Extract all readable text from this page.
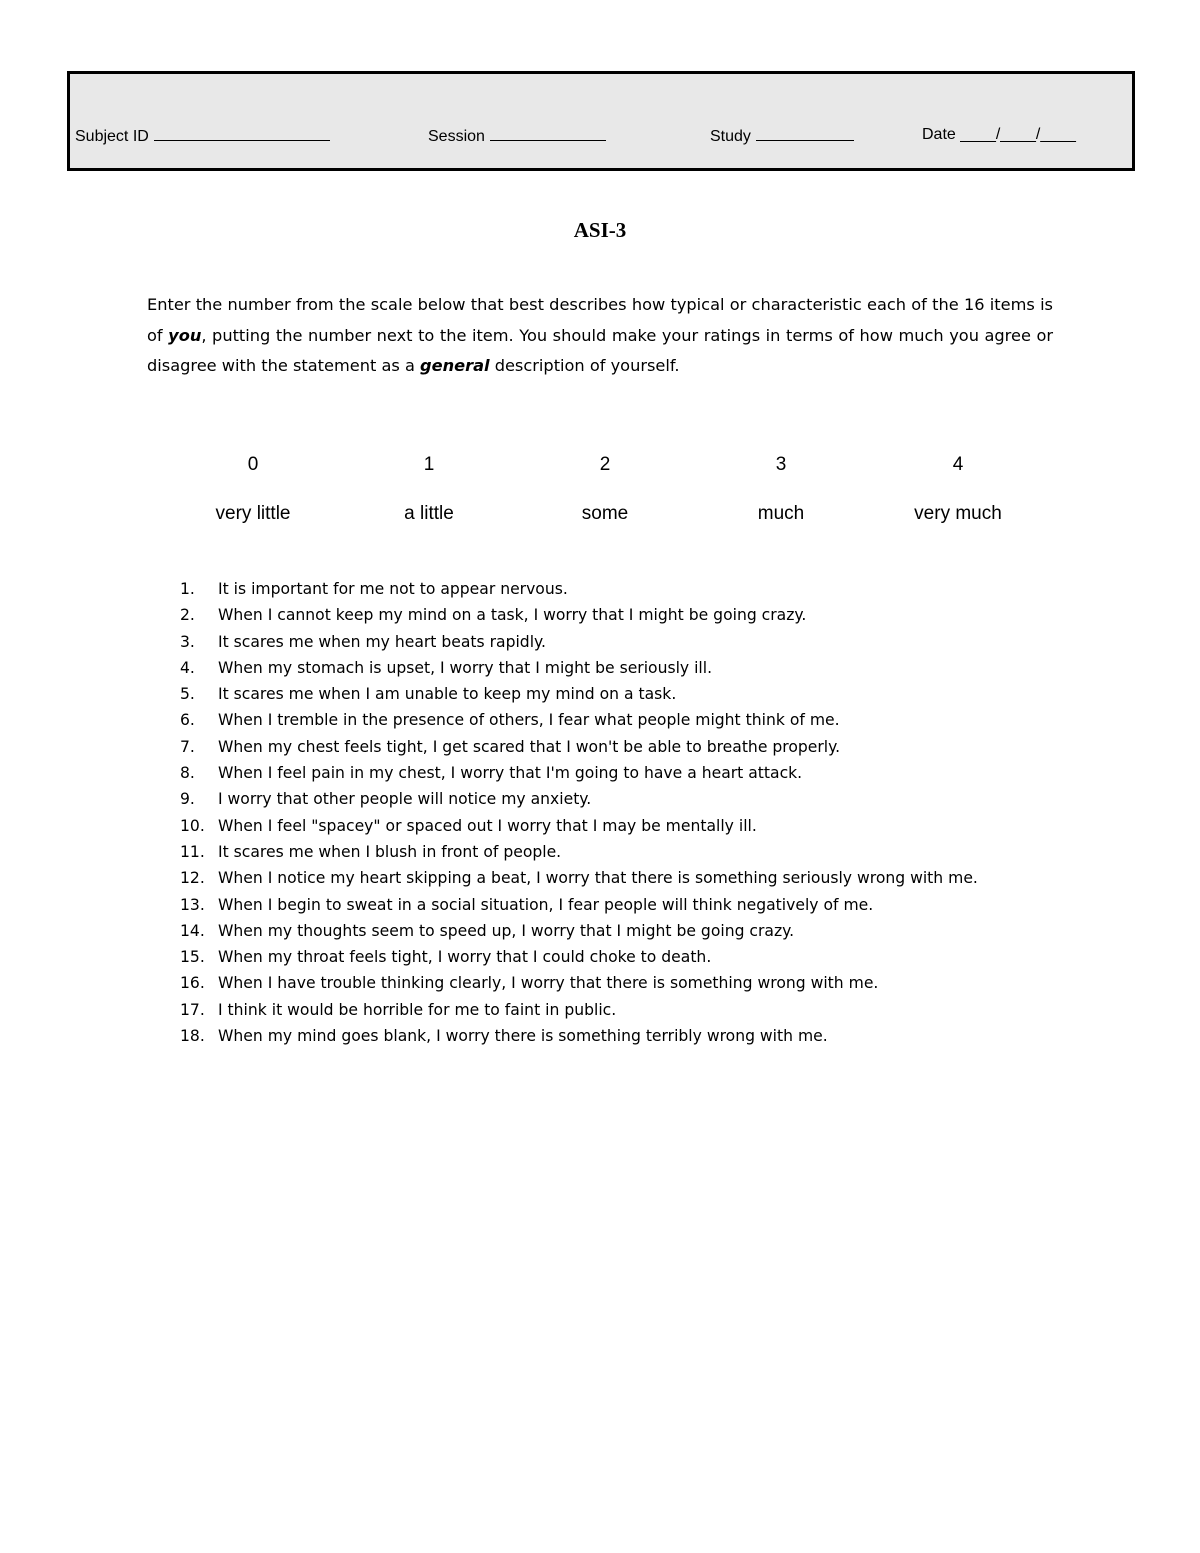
Subject ID	Session	Study	Date ____/____/____
ASI-3

Enter the number from the scale below that best describes how typical or characteristic each of the 16 items is of you, putting the number next to the item. You should make your ratings in terms of how much you agree or disagree with the statement as a general description of yourself.

0	1	2	3	4
very little	a little	some	much	very much
1. It is important for me not to appear nervous.
2. When I cannot keep my mind on a task, I worry that I might be going crazy.
3. It scares me when my heart beats rapidly.
4. When my stomach is upset, I worry that I might be seriously ill.
5. It scares me when I am unable to keep my mind on a task.
6. When I tremble in the presence of others, I fear what people might think of me.
7. When my chest feels tight, I get scared that I won't be able to breathe properly.
8. When I feel pain in my chest, I worry that I'm going to have a heart attack.
9. I worry that other people will notice my anxiety.
10. When I feel "spacey" or spaced out I worry that I may be mentally ill.
11. It scares me when I blush in front of people.
12. When I notice my heart skipping a beat, I worry that there is something seriously wrong with me.
13. When I begin to sweat in a social situation, I fear people will think negatively of me.
14. When my thoughts seem to speed up, I worry that I might be going crazy.
15. When my throat feels tight, I worry that I could choke to death.
16. When I have trouble thinking clearly, I worry that there is something wrong with me.
17. I think it would be horrible for me to faint in public.
18. When my mind goes blank, I worry there is something terribly wrong with me.
